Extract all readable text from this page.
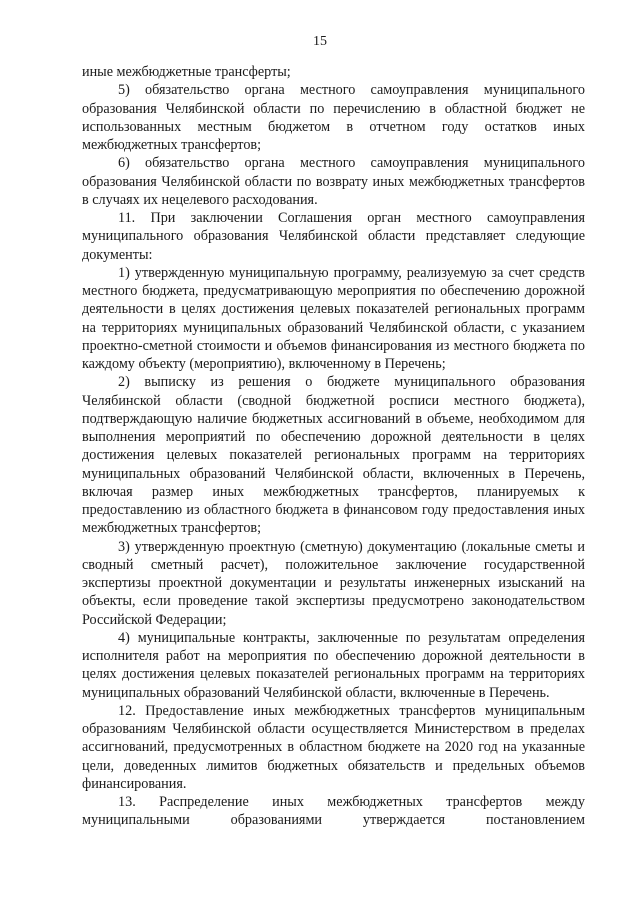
15

иные межбюджетные трансферты;

5) обязательство органа местного самоуправления муниципального образования Челябинской области по перечислению в областной бюджет не использованных местным бюджетом в отчетном году остатков иных межбюджетных трансфертов;

6) обязательство органа местного самоуправления муниципального образования Челябинской области по возврату иных межбюджетных трансфертов в случаях их нецелевого расходования.

11. При заключении Соглашения орган местного самоуправления муниципального образования Челябинской области представляет следующие документы:

1) утвержденную муниципальную программу, реализуемую за счет средств местного бюджета, предусматривающую мероприятия по обеспечению дорожной деятельности в целях достижения целевых показателей региональных программ на территориях муниципальных образований Челябинской области, с указанием проектно-сметной стоимости и объемов финансирования из местного бюджета по каждому объекту (мероприятию), включенному в Перечень;

2) выписку из решения о бюджете муниципального образования Челябинской области (сводной бюджетной росписи местного бюджета), подтверждающую наличие бюджетных ассигнований в объеме, необходимом для выполнения мероприятий по обеспечению дорожной деятельности в целях достижения целевых показателей региональных программ на территориях муниципальных образований Челябинской области, включенных в Перечень, включая размер иных межбюджетных трансфертов, планируемых к предоставлению из областного бюджета в финансовом году предоставления иных межбюджетных трансфертов;

3) утвержденную проектную (сметную) документацию (локальные сметы и сводный сметный расчет), положительное заключение государственной экспертизы проектной документации и результаты инженерных изысканий на объекты, если проведение такой экспертизы предусмотрено законодательством Российской Федерации;

4) муниципальные контракты, заключенные по результатам определения исполнителя работ на мероприятия по обеспечению дорожной деятельности в целях достижения целевых показателей региональных программ на территориях муниципальных образований Челябинской области, включенные в Перечень.

12. Предоставление иных межбюджетных трансфертов муниципальным образованиям Челябинской области осуществляется Министерством в пределах ассигнований, предусмотренных в областном бюджете на 2020 год на указанные цели, доведенных лимитов бюджетных обязательств и предельных объемов финансирования.

13. Распределение иных межбюджетных трансфертов между муниципальными образованиями утверждается постановлением
